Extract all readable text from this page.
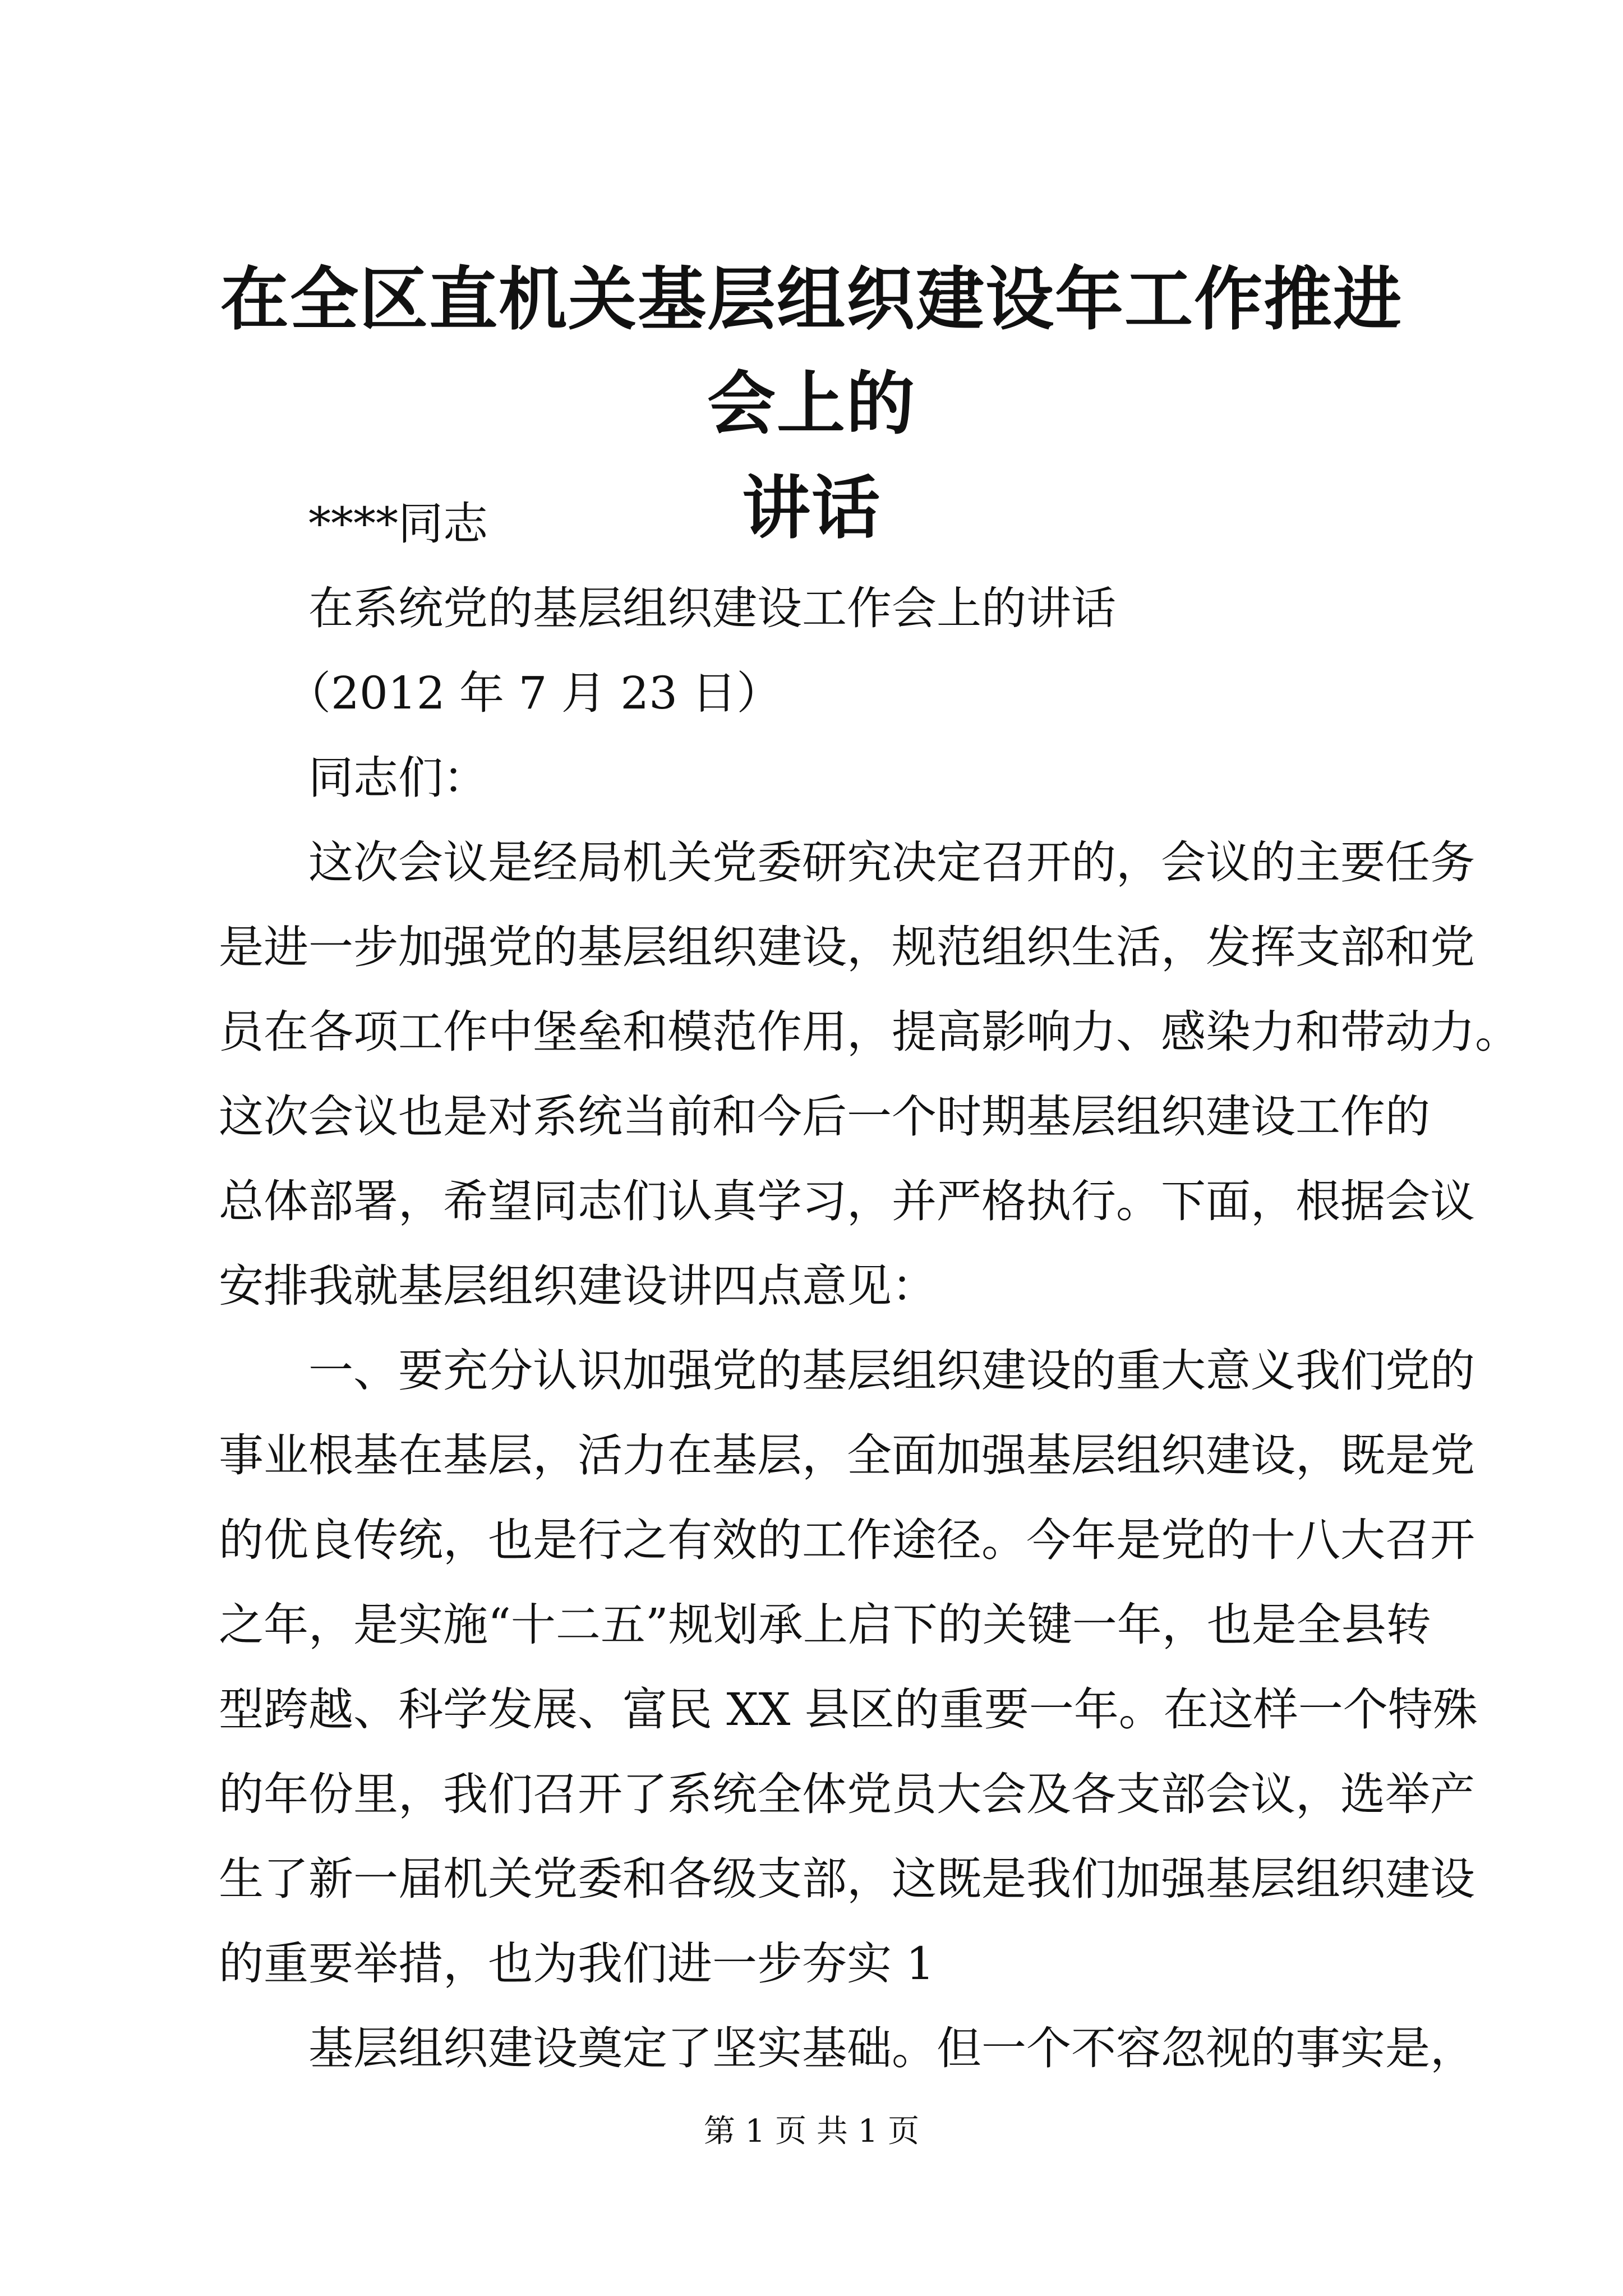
在全区直机关基层组织建设年工作推进会上的
讲话

****同志

在系统党的基层组织建设工作会上的讲话

（2012 年 7 月 23 日）

同志们：

这次会议是经局机关党委研究决定召开的，会议的主要任务

是进一步加强党的基层组织建设，规范组织生活，发挥支部和党

员在各项工作中堡垒和模范作用，提高影响力、感染力和带动力。

这次会议也是对系统当前和今后一个时期基层组织建设工作的

总体部署，希望同志们认真学习，并严格执行。下面，根据会议

安排我就基层组织建设讲四点意见：

一、要充分认识加强党的基层组织建设的重大意义我们党的

事业根基在基层，活力在基层，全面加强基层组织建设，既是党

的优良传统，也是行之有效的工作途径。今年是党的十八大召开

之年，是实施“十二五”规划承上启下的关键一年，也是全县转

型跨越、科学发展、富民 XX 县区的重要一年。在这样一个特殊

的年份里，我们召开了系统全体党员大会及各支部会议，选举产

生了新一届机关党委和各级支部，这既是我们加强基层组织建设

的重要举措，也为我们进一步夯实 1

基层组织建设奠定了坚实基础。但一个不容忽视的事实是，

第 1 页 共 1 页
